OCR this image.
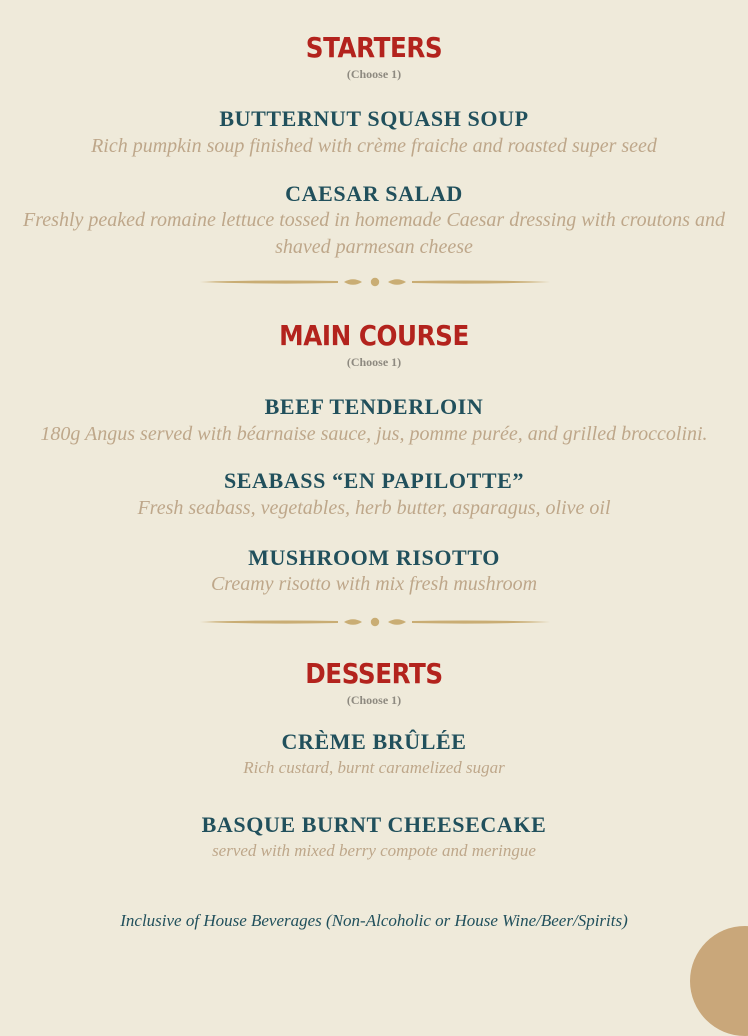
STARTERS
(Choose 1)
BUTTERNUT SQUASH SOUP
Rich pumpkin soup finished with crème fraiche and roasted super seed
CAESAR SALAD
Freshly peaked romaine lettuce tossed in homemade Caesar dressing with croutons and
shaved parmesan cheese
MAIN COURSE
(Choose 1)
BEEF TENDERLOIN
180g Angus served with béarnaise sauce, jus, pomme purée, and grilled broccolini.
SEABASS “EN PAPILOTTE”
Fresh seabass, vegetables, herb butter, asparagus, olive oil
MUSHROOM RISOTTO
Creamy risotto with mix fresh mushroom
DESSERTS
(Choose 1)
CRÈME BRÛLÉE
Rich custard, burnt caramelized sugar
BASQUE BURNT CHEESECAKE
served with mixed berry compote and meringue
Inclusive of House Beverages (Non-Alcoholic or House Wine/Beer/Spirits)
